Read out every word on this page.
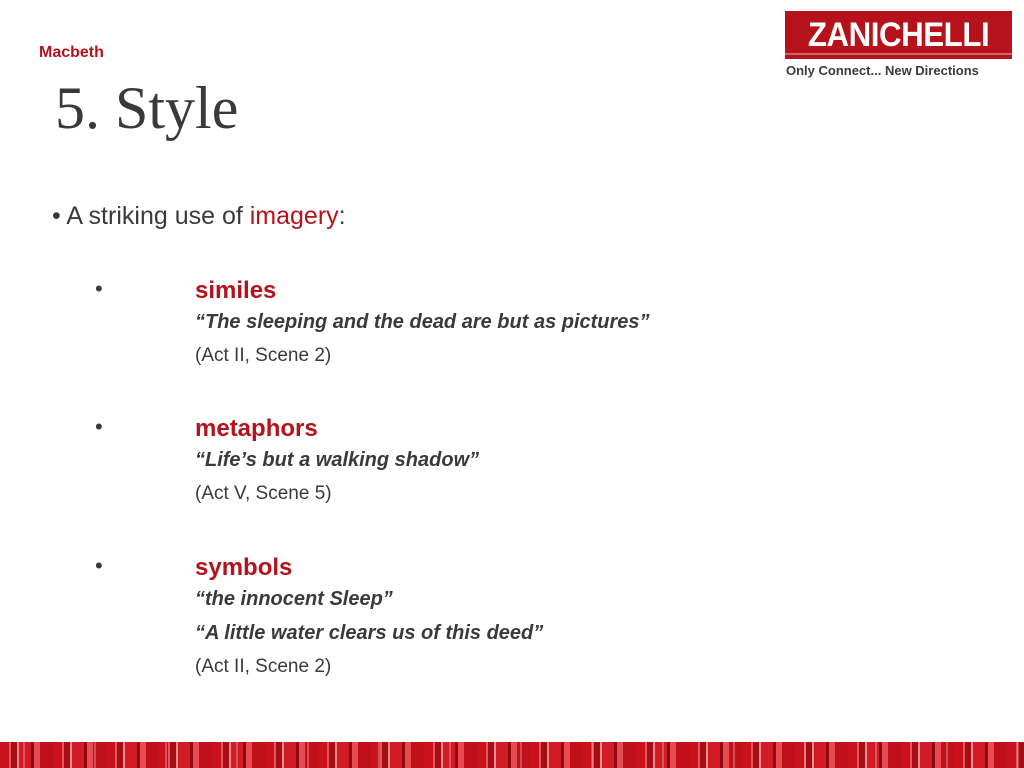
Macbeth
5. Style
ZANICHELLI
Only Connect... New Directions
• A striking use of imagery:
•	similes
“The sleeping and the dead are but as pictures”
(Act II, Scene 2)
•	metaphors
“Life’s but a walking shadow”
(Act V, Scene 5)
•	symbols
“the innocent Sleep”
“A little water clears us of this deed”
(Act II, Scene 2)
